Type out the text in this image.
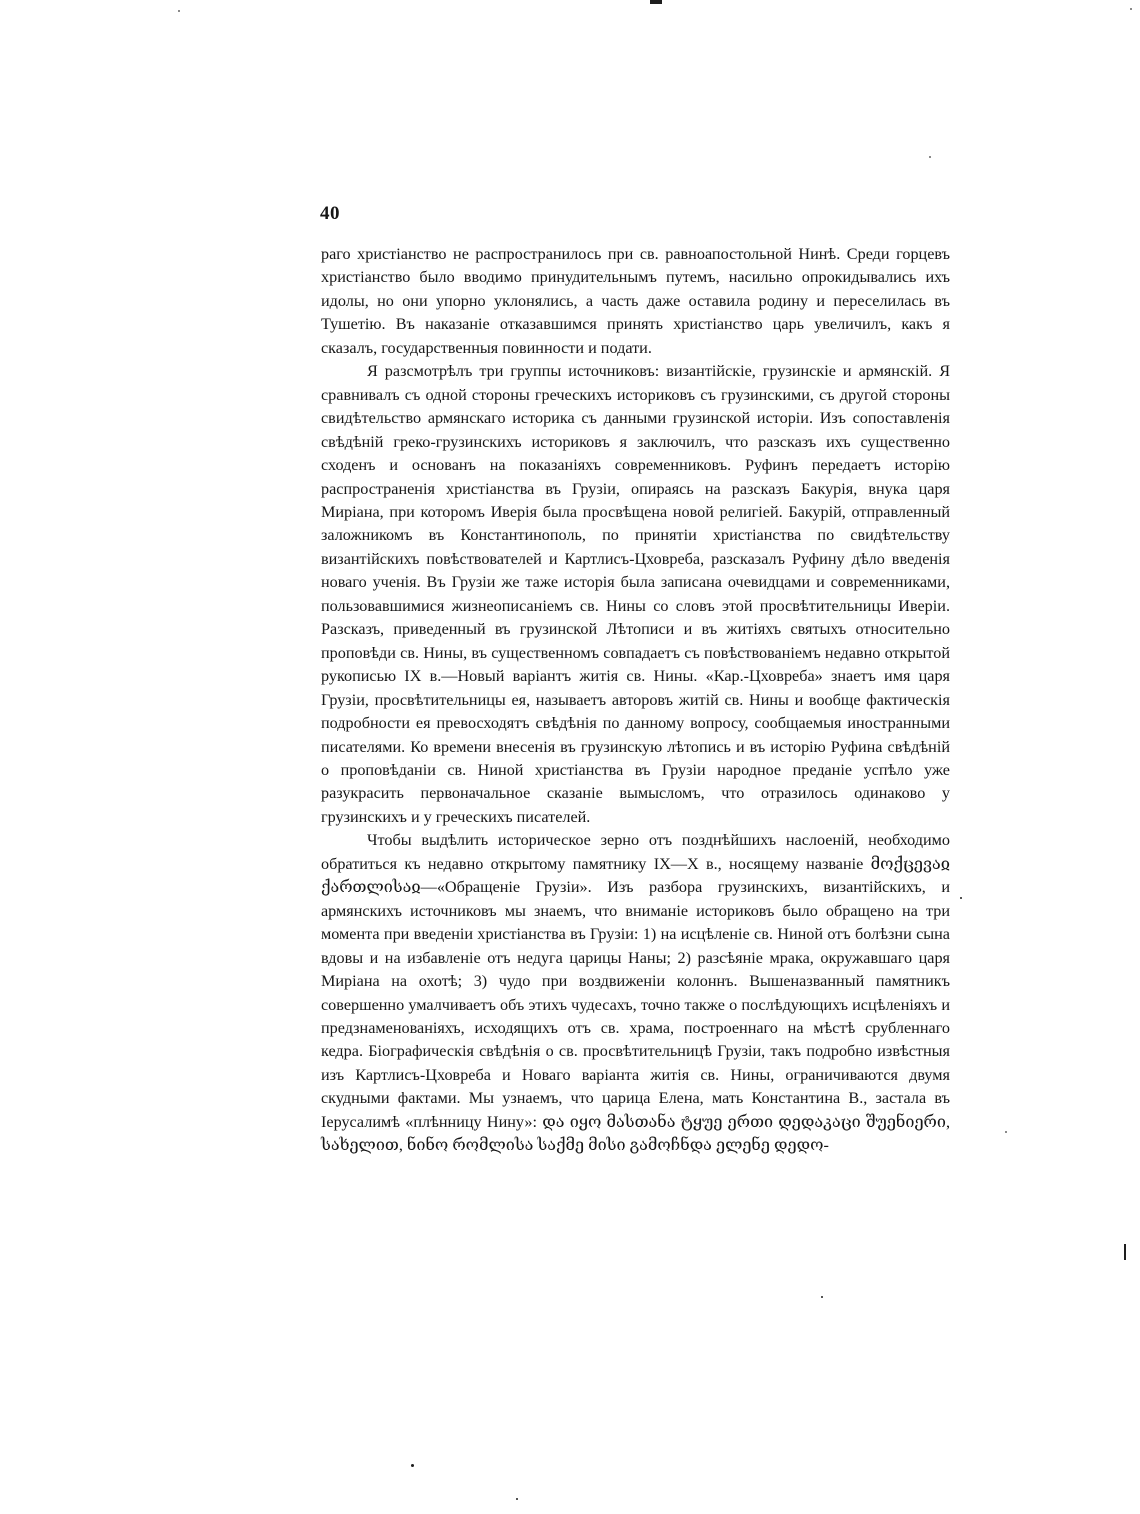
40

раго христіанство не распространилось при св. равноапостольной Нинѣ. Среди горцевъ христіанство было вводимо принудительнымъ путемъ, насильно опрокидывались ихъ идолы, но они упорно уклонялись, а часть даже оставила родину и переселилась въ Тушетію. Въ наказаніе отказавшимся принять христіанство царь увеличилъ, какъ я сказалъ, государственныя повинности и подати.

Я разсмотрѣлъ три группы источниковъ: византійскіе, грузинскіе и армянскій. Я сравнивалъ съ одной стороны греческихъ историковъ съ грузинскими, съ другой стороны свидѣтельство армянскаго историка съ данными грузинской исторіи. Изъ сопоставленія свѣдѣній греко-грузинскихъ историковъ я заключилъ, что разсказъ ихъ существенно сходенъ и основанъ на показаніяхъ современниковъ. Руфинъ передаетъ исторію распространенія христіанства въ Грузіи, опираясь на разсказъ Бакурія, внука царя Миріана, при которомъ Иверія была просвѣщена новой религіей. Бакурій, отправленный заложникомъ въ Константинополь, по принятіи христіанства по свидѣтельству византійскихъ повѣствователей и Картлисъ-Цховреба, разсказалъ Руфину дѣло введенія новаго ученія. Въ Грузіи же таже исторія была записана очевидцами и современниками, пользовавшимися жизнеописаніемъ св. Нины со словъ этой просвѣтительницы Иверіи. Разсказъ, приведенный въ грузинской Лѣтописи и въ житіяхъ святыхъ относительно проповѣди св. Нины, въ существенномъ совпадаетъ съ повѣствованіемъ недавно открытой рукописью IX в.—Новый варіантъ житія св. Нины. «Кар.-Цховреба» знаетъ имя царя Грузіи, просвѣтительницы ея, называетъ авторовъ житій св. Нины и вообще фактическія подробности ея превосходятъ свѣдѣнія по данному вопросу, сообщаемыя иностранными писателями. Ко времени внесенія въ грузинскую лѣтопись и въ исторію Руфина свѣдѣній о проповѣданіи св. Ниной христіанства въ Грузіи народное преданіе успѣло уже разукрасить первоначальное сказаніе вымысломъ, что отразилось одинаково у грузинскихъ и у греческихъ писателей.

Чтобы выдѣлить историческое зерно отъ позднѣйшихъ наслоеній, необходимо обратиться къ недавно открытому памятнику IX—X в., носящему названіе მოქცევაჲ ქართლისაჲ—«Обращеніе Грузіи». Изъ разбора грузинскихъ, византійскихъ, и армянскихъ источниковъ мы знаемъ, что вниманіе историковъ было обращено на три момента при введеніи христіанства въ Грузіи: 1) на исцѣленіе св. Ниной отъ болѣзни сына вдовы и на избавленіе отъ недуга царицы Наны; 2) разсѣяніе мрака, окружавшаго царя Миріана на охотѣ; 3) чудо при воздвиженіи колоннъ. Вышеназванный памятникъ совершенно умалчиваетъ объ этихъ чудесахъ, точно также о послѣдующихъ исцѣленіяхъ и предзнаменованіяхъ, исходящихъ отъ св. храма, построеннаго на мѣстѣ срубленнаго кедра. Біографическія свѣдѣнія о св. просвѣтительницѣ Грузіи, такъ подробно извѣстныя изъ Картлисъ-Цховреба и Новаго варіанта житія св. Нины, ограничиваются двумя скудными фактами. Мы узнаемъ, что царица Елена, мать Константина В., застала въ Іерусалимѣ «плѣнницу Нину»: და იყო მასთანა ტყუე ერთი დედაკაცი შუენიერი, სახელით, ნინო რომლისა საქმე მისი გამოჩნდა ელენე დედო-
